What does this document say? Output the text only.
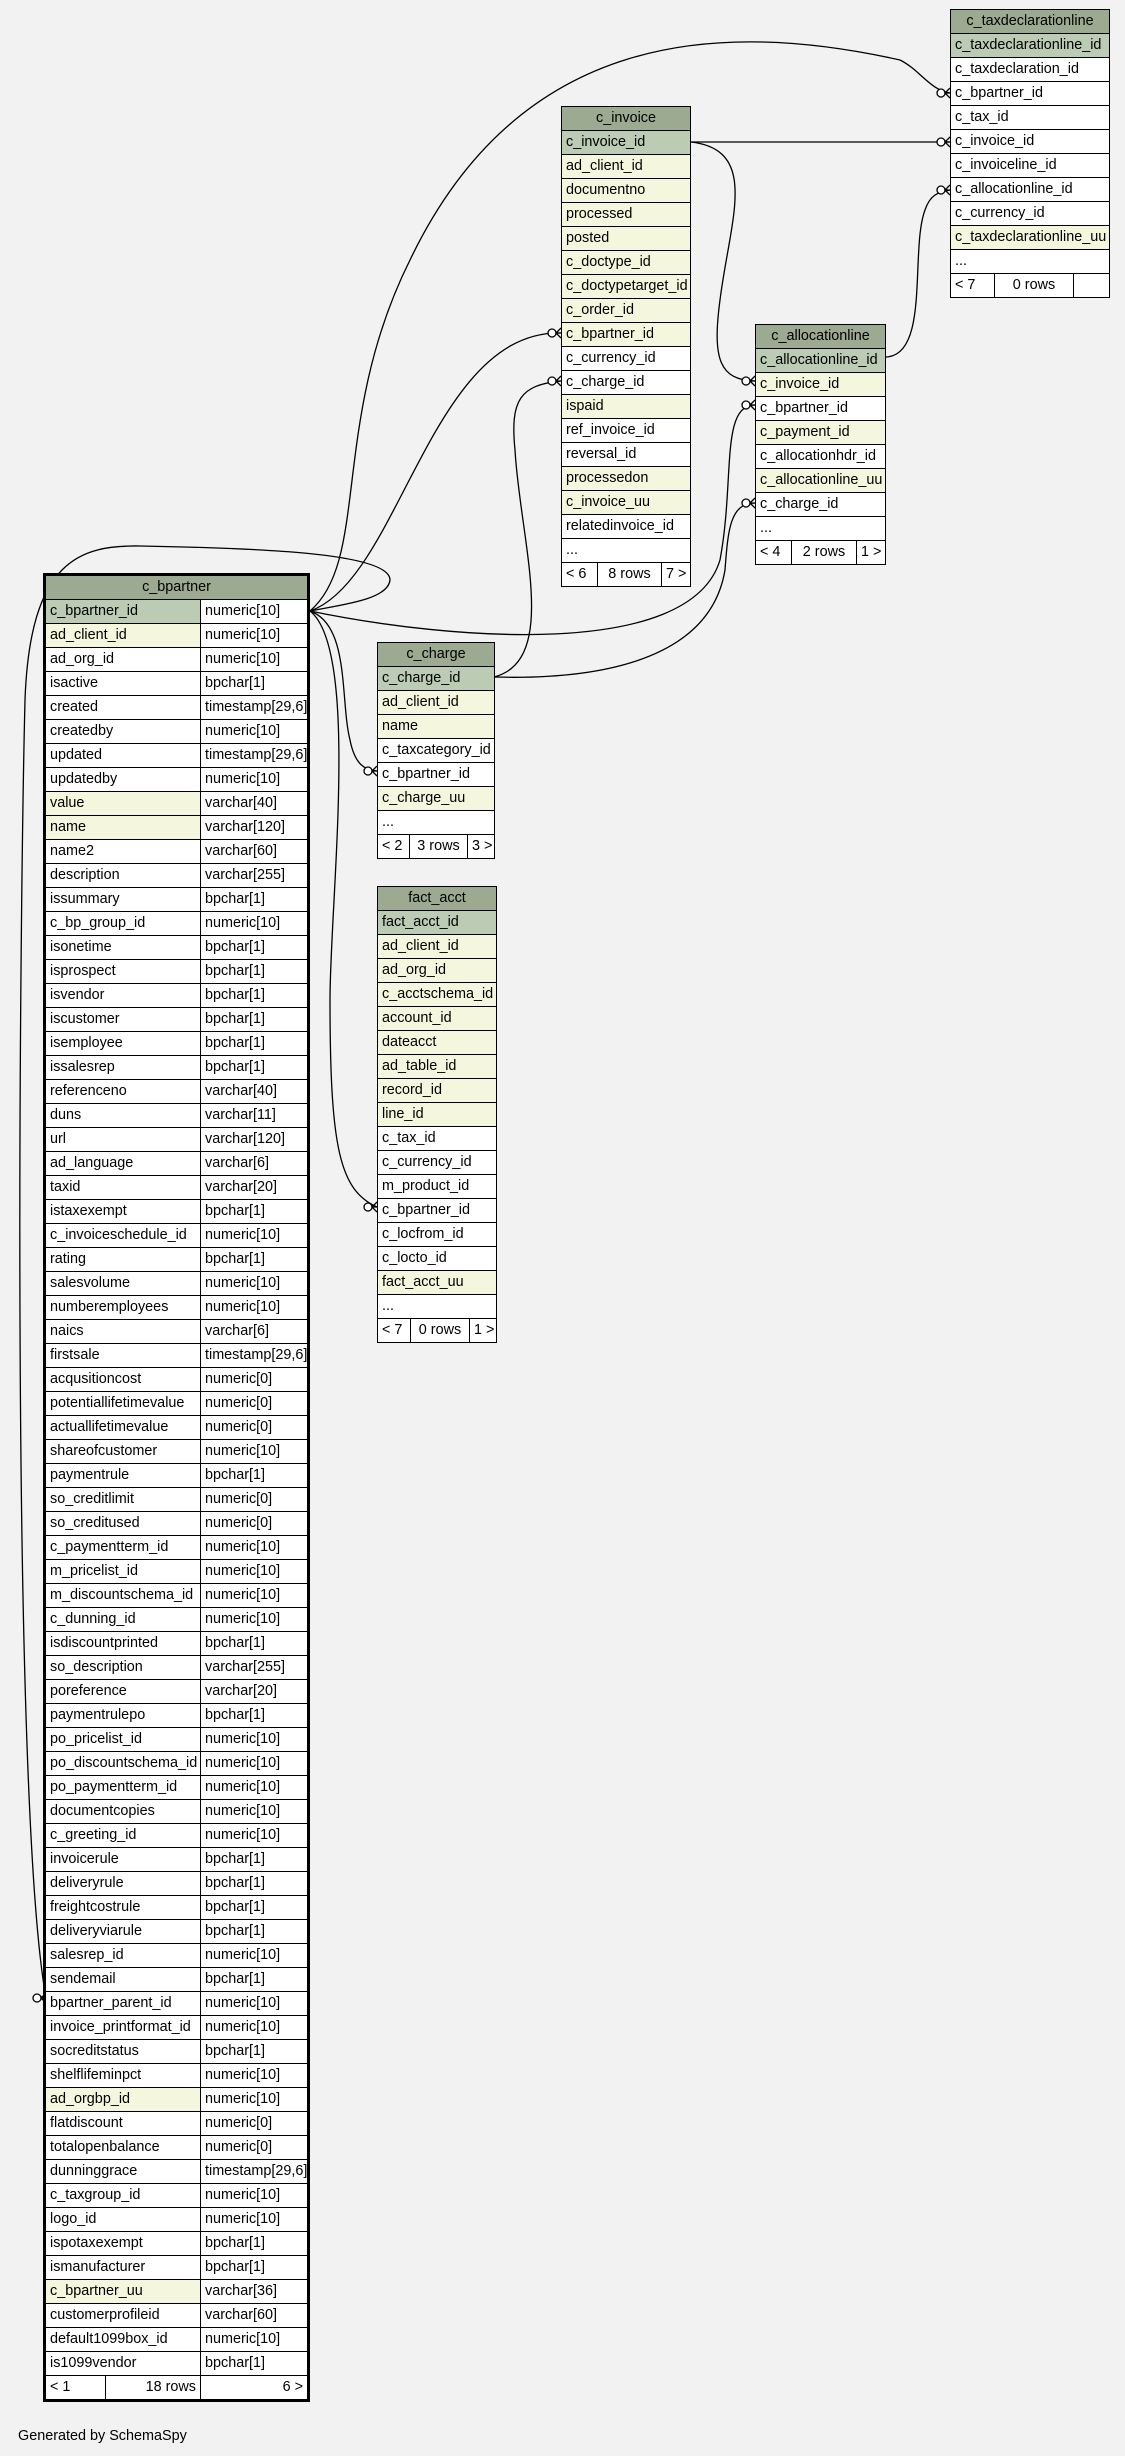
c_taxdeclarationline
c_taxdeclarationline_id
c_taxdeclaration_id
c_bpartner_id
c_tax_id
c_invoice_id
c_invoiceline_id
c_allocationline_id
c_currency_id
c_taxdeclarationline_uu
...
< 7	0 rows
c_invoice
c_invoice_id
ad_client_id
documentno
processed
posted
c_doctype_id
c_doctypetarget_id
c_order_id
c_bpartner_id
c_currency_id
c_charge_id
ispaid
ref_invoice_id
reversal_id
processedon
c_invoice_uu
relatedinvoice_id
...
< 6	8 rows	7 >
c_allocationline
c_allocationline_id
c_invoice_id
c_bpartner_id
c_payment_id
c_allocationhdr_id
c_allocationline_uu
c_charge_id
...
< 4	2 rows	1 >
c_charge
c_charge_id
ad_client_id
name
c_taxcategory_id
c_bpartner_id
c_charge_uu
...
< 2	3 rows 3 >
fact_acct
fact_acct_id
ad_client_id
ad_org_id
c_acctschema_id
account_id
dateacct
ad_table_id
record_id
line_id
c_tax_id
c_currency_id
m_product_id
c_bpartner_id
c_locfrom_id
c_locto_id
fact_acct_uu
...
< 7	0 rows 1 >
c_bpartner
c_bpartner_id	numeric[10]
ad_client_id	numeric[10]
ad_org_id	numeric[10]
isactive	bpchar[1]
created	timestamp[29,6]
createdby	numeric[10]
updated	timestamp[29,6]
updatedby	numeric[10]
value	varchar[40]
name	varchar[120]
name2	varchar[60]
description	varchar[255]
issummary	bpchar[1]
c_bp_group_id	numeric[10]
isonetime	bpchar[1]
isprospect	bpchar[1]
isvendor	bpchar[1]
iscustomer	bpchar[1]
isemployee	bpchar[1]
issalesrep	bpchar[1]
referenceno	varchar[40]
duns	varchar[11]
url	varchar[120]
ad_language	varchar[6]
taxid	varchar[20]
istaxexempt	bpchar[1]
c_invoiceschedule_id	numeric[10]
rating	bpchar[1]
salesvolume	numeric[10]
numberemployees	numeric[10]
naics	varchar[6]
firstsale	timestamp[29,6]
acqusitioncost	numeric[0]
potentiallifetimevalue	numeric[0]
actuallifetimevalue	numeric[0]
shareofcustomer	numeric[10]
paymentrule	bpchar[1]
so_creditlimit	numeric[0]
so_creditused	numeric[0]
c_paymentterm_id	numeric[10]
m_pricelist_id	numeric[10]
m_discountschema_id numeric[10]
c_dunning_id	numeric[10]
isdiscountprinted	bpchar[1]
so_description	varchar[255]
poreference	varchar[20]
paymentrulepo	bpchar[1]
po_pricelist_id	numeric[10]
po_discountschema_id numeric[10]
po_paymentterm_id	numeric[10]
documentcopies	numeric[10]
c_greeting_id	numeric[10]
invoicerule	bpchar[1]
deliveryrule	bpchar[1]
freightcostrule	bpchar[1]
deliveryviarule	bpchar[1]
salesrep_id	numeric[10]
sendemail	bpchar[1]
bpartner_parent_id	numeric[10]
invoice_printformat_id numeric[10]
socreditstatus	bpchar[1]
shelflifeminpct	numeric[10]
ad_orgbp_id	numeric[10]
flatdiscount	numeric[0]
totalopenbalance	numeric[0]
dunninggrace	timestamp[29,6]
c_taxgroup_id	numeric[10]
logo_id	numeric[10]
ispotaxexempt	bpchar[1]
ismanufacturer	bpchar[1]
c_bpartner_uu	varchar[36]
customerprofileid	varchar[60]
default1099box_id	numeric[10]
is1099vendor	bpchar[1]
< 1	18 rows	6 >
Generated by SchemaSpy
